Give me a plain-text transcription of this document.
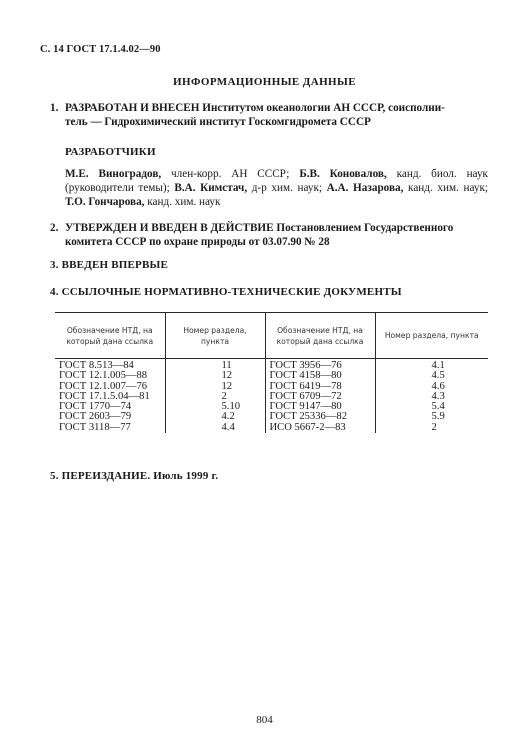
С. 14 ГОСТ 17.1.4.02—90
ИНФОРМАЦИОННЫЕ ДАННЫЕ
1. РАЗРАБОТАН И ВНЕСЕН Институтом океанологии АН СССР, соисполни-
тель — Гидрохимический институт Госкомгидромета СССР
РАЗРАБОТЧИКИ
М.Е. Виноградов, член-корр. АН СССР; Б.В. Коновалов, канд. биол. наук (руководители темы); В.А. Кимстач, д-р хим. наук; А.А. Назарова, канд. хим. наук; Т.О. Гончарова, канд. хим. наук
2. УТВЕРЖДЕН И ВВЕДЕН В ДЕЙСТВИЕ Постановлением Государственного
комитета СССР по охране природы от 03.07.90 № 28
3. ВВЕДЕН ВПЕРВЫЕ
4. ССЫЛОЧНЫЕ НОРМАТИВНО-ТЕХНИЧЕСКИЕ ДОКУМЕНТЫ
Обозначение НТД, на который дана ссылка	Номер раздела, пункта	Обозначение НТД, на который дана ссылка	Номер раздела, пункта
ГОСТ 8.513—84	11	ГОСТ 3956—76	4.1
ГОСТ 12.1.005—88	12	ГОСТ 4158—80	4.5
ГОСТ 12.1.007—76	12	ГОСТ 6419—78	4.6
ГОСТ 17.1.5.04—81	2	ГОСТ 6709—72	4.3
ГОСТ 1770—74	5.10	ГОСТ 9147—80	5.4
ГОСТ 2603—79	4.2	ГОСТ 25336—82	5.9
ГОСТ 3118—77	4.4	ИСО 5667-2—83	2
5. ПЕРЕИЗДАНИЕ. Июль 1999 г.
804
